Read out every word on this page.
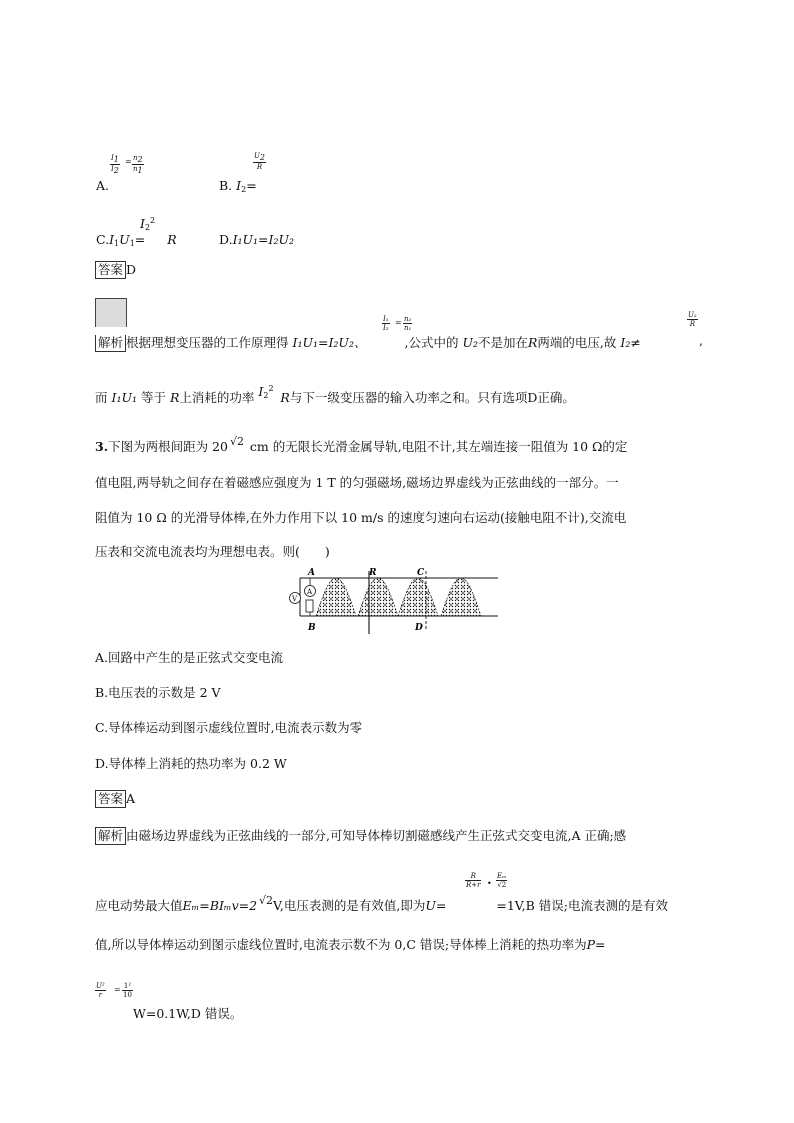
$\frac{I1}{I2} = \frac{n2}{n1}$
A.
$\frac{U2}{R}$
B. $I_2=$
$I_2^2$
$C.I_1U_1= R$	D.I₁U₁=I₂U₂
答案 D
解析 根据理想变压器的工作原理得 I₁U₁=I₂U₂、
$\frac{\text{I₁}}{\text{I₂}} = \frac{\text{n₂}}{\text{n₁}}$
,公式中的 U₂不是加在R两端的电压,故 I₂≠
$\frac{\text{U₂}}{R}$
,
而 I₁U₁ 等于 R上消耗的功率 $I_2^2$
R与下一级变压器的输入功率之和。只有选项D正确。
3.下图为两根间距为 20 √2 cm 的无限长光滑金属导轨,电阻不计,其左端连接一阻值为 10 Ω的定
值电阻,两导轨之间存在着磁感应强度为 1 T 的匀强磁场,磁场边界虚线为正弦曲线的一部分。一
阻值为 10 Ω 的光滑导体棒,在外力作用下以 10 m/s 的速度匀速向右运动(接触电阻不计),交流电
压表和交流电流表均为理想电表。则(　　)
V
A
A	R	C
B	D
A.回路中产生的是正弦式交变电流
B.电压表的示数是 2 V
C.导体棒运动到图示虚线位置时,电流表示数为零
D.导体棒上消耗的热功率为 0.2 W
答案 A
解析 由磁场边界虚线为正弦曲线的一部分,可知导体棒切割磁感线产生正弦式交变电流,A 正确;感
应电动势最大值Eₘ=BIₘv=2 √2 V,电压表测的是有效值,即为U=
$\frac{R}{R+r}$ • $\frac{\text{Eₘ}}{√2}$
=1V,B 错误;电流表测的是有效
值,所以导体棒运动到图示虚线位置时,电流表示数不为 0,C 错误;导体棒上消耗的热功率为P=
$\frac{\text{U²}}{r} = \frac{\text{1²}}{10}$
W=0.1W,D 错误。
